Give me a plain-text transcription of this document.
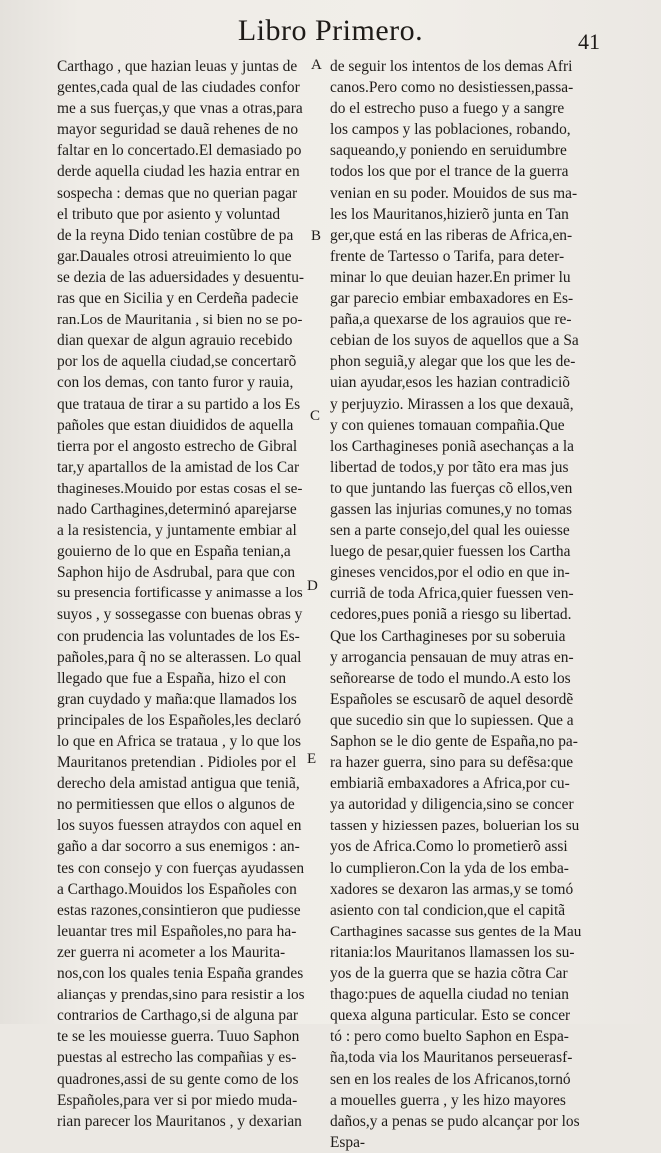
Libro Primero.	41
A
B
C
D
E
Carthago , que hazian leuas y juntas de
gentes,cada qual de las ciudades confor
me a sus fuerças,y que vnas a otras,para
mayor seguridad se dauã rehenes de no
faltar en lo concertado.El demasiado po
derde aquella ciudad les hazia entrar en
sospecha : demas que no querian pagar
el tributo que por asiento y voluntad
de la reyna Dido tenian costũbre de pa
gar.Dauales otrosi atreuimiento lo que
se dezia de las aduersidades y desuentu-
ras que en Sicilia y en Cerdeña padecie
ran.Los de Mauritania , si bien no se po-
dian quexar de algun agrauio recebido
por los de aquella ciudad,se concertarõ
con los demas, con tanto furor y rauia,
que trataua de tirar a su partido a los Es
pañoles que estan diuididos de aquella
tierra por el angosto estrecho de Gibral
tar,y apartallos de la amistad de los Car
thagineses.Mouido por estas cosas el se-
nado Carthagines,determinó aparejarse
a la resistencia, y juntamente embiar al
gouierno de lo que en España tenian,a
Saphon hijo de Asdrubal, para que con
su presencia fortificasse y animasse a los
suyos , y sossegasse con buenas obras y
con prudencia las voluntades de los Es-
pañoles,para q̃ no se alterassen. Lo qual
llegado que fue a España, hizo el con
gran cuydado y maña:que llamados los
principales de los Españoles,les declaró
lo que en Africa se trataua , y lo que los
Mauritanos pretendian . Pidioles por el
derecho dela amistad antigua que teniã,
no permitiessen que ellos o algunos de
los suyos fuessen atraydos con aquel en
gaño a dar socorro a sus enemigos : an-
tes con consejo y con fuerças ayudassen
a Carthago.Mouidos los Españoles con
estas razones,consintieron que pudiesse
leuantar tres mil Españoles,no para ha-
zer guerra ni acometer a los Maurita-
nos,con los quales tenia España grandes
alianças y prendas,sino para resistir a los
contrarios de Carthago,si de alguna par
te se les mouiesse guerra. Tuuo Saphon
puestas al estrecho las compañias y es-
quadrones,assi de su gente como de los
Españoles,para ver si por miedo muda-
rian parecer los Mauritanos , y dexarian
de seguir los intentos de los demas Afri
canos.Pero como no desistiessen,passa-
do el estrecho puso a fuego y a sangre
los campos y las poblaciones, robando,
saqueando,y poniendo en seruidumbre
todos los que por el trance de la guerra
venian en su poder. Mouidos de sus ma-
les los Mauritanos,hizierõ junta en Tan
ger,que está en las riberas de Africa,en-
frente de Tartesso o Tarifa, para deter-
minar lo que deuian hazer.En primer lu
gar parecio embiar embaxadores en Es-
paña,a quexarse de los agrauios que re-
cebian de los suyos de aquellos que a Sa
phon seguiã,y alegar que los que les de-
uian ayudar,esos les hazian contradiciõ
y perjuyzio. Mirassen a los que dexauã,
y con quienes tomauan compañia.Que
los Carthagineses poniã asechanças a la
libertad de todos,y por tãto era mas jus
to que juntando las fuerças cõ ellos,ven
gassen las injurias comunes,y no tomas
sen a parte consejo,del qual les ouiesse
luego de pesar,quier fuessen los Cartha
gineses vencidos,por el odio en que in-
curriã de toda Africa,quier fuessen ven-
cedores,pues poniã a riesgo su libertad.
Que los Carthagineses por su soberuia
y arrogancia pensauan de muy atras en-
señorearse de todo el mundo.A esto los
Españoles se escusarõ de aquel desordẽ
que sucedio sin que lo supiessen. Que a
Saphon se le dio gente de España,no pa-
ra hazer guerra, sino para su defẽsa:que
embiariã embaxadores a Africa,por cu-
ya autoridad y diligencia,sino se concer
tassen y hiziessen pazes, boluerian los su
yos de Africa.Como lo prometierõ assi
lo cumplieron.Con la yda de los emba-
xadores se dexaron las armas,y se tomó
asiento con tal condicion,que el capitã
Carthagines sacasse sus gentes de la Mau
ritania:los Mauritanos llamassen los su-
yos de la guerra que se hazia cõtra Car
thago:pues de aquella ciudad no tenian
quexa alguna particular. Esto se concer
tó : pero como buelto Saphon en Espa-
ña,toda via los Mauritanos perseuerasf-
sen en los reales de los Africanos,tornó
a mouelles guerra , y les hizo mayores
daños,y a penas se pudo alcançar por los
Espa-
